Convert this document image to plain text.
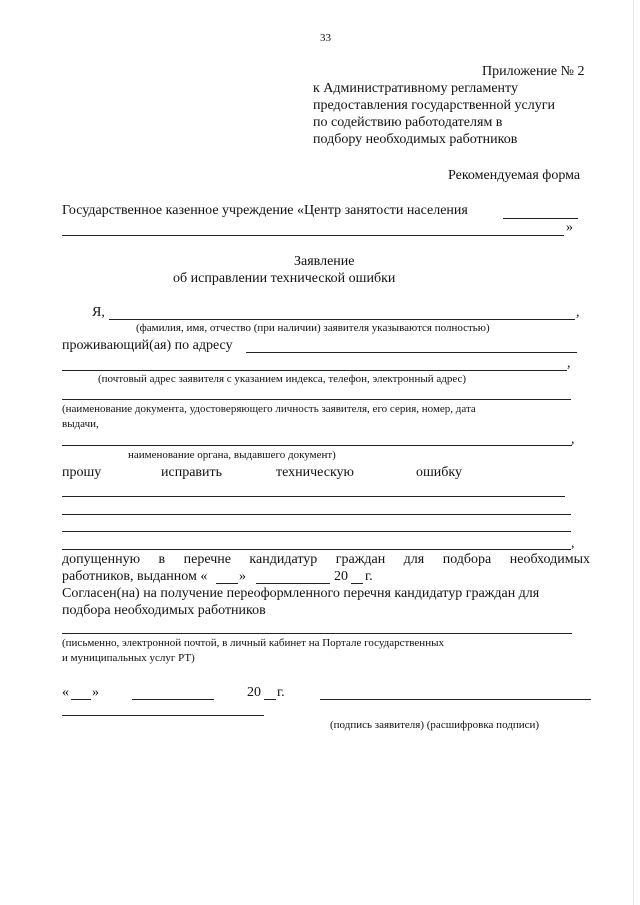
33
Приложение № 2
к Административному регламенту
предоставления государственной услуги
по содействию работодателям в
подбору необходимых работников
Рекомендуемая форма
Государственное казенное учреждение «Центр занятости населения
»
Заявление
об исправлении технической ошибки
Я,	,
(фамилия, имя, отчество (при наличии) заявителя указываются полностью)
проживающий(ая) по адресу
,
(почтовый адрес заявителя с указанием индекса, телефон, электронный адрес)
(наименование документа, удостоверяющего личность заявителя, его серия, номер, дата
выдачи,
,
наименование органа, выдавшего документ)
прошу	исправить	техническую	ошибку
,
допущенную в перечне кандидатур граждан для подбора необходимых
работников, выданном « »	20 г.
Согласен(на) на получение переоформленного перечня кандидатур граждан для
подбора необходимых работников
(письменно, электронной почтой, в личный кабинет на Портале государственных
и муниципальных услуг РТ)
« »	20 г.
(подпись заявителя) (расшифровка подписи)
